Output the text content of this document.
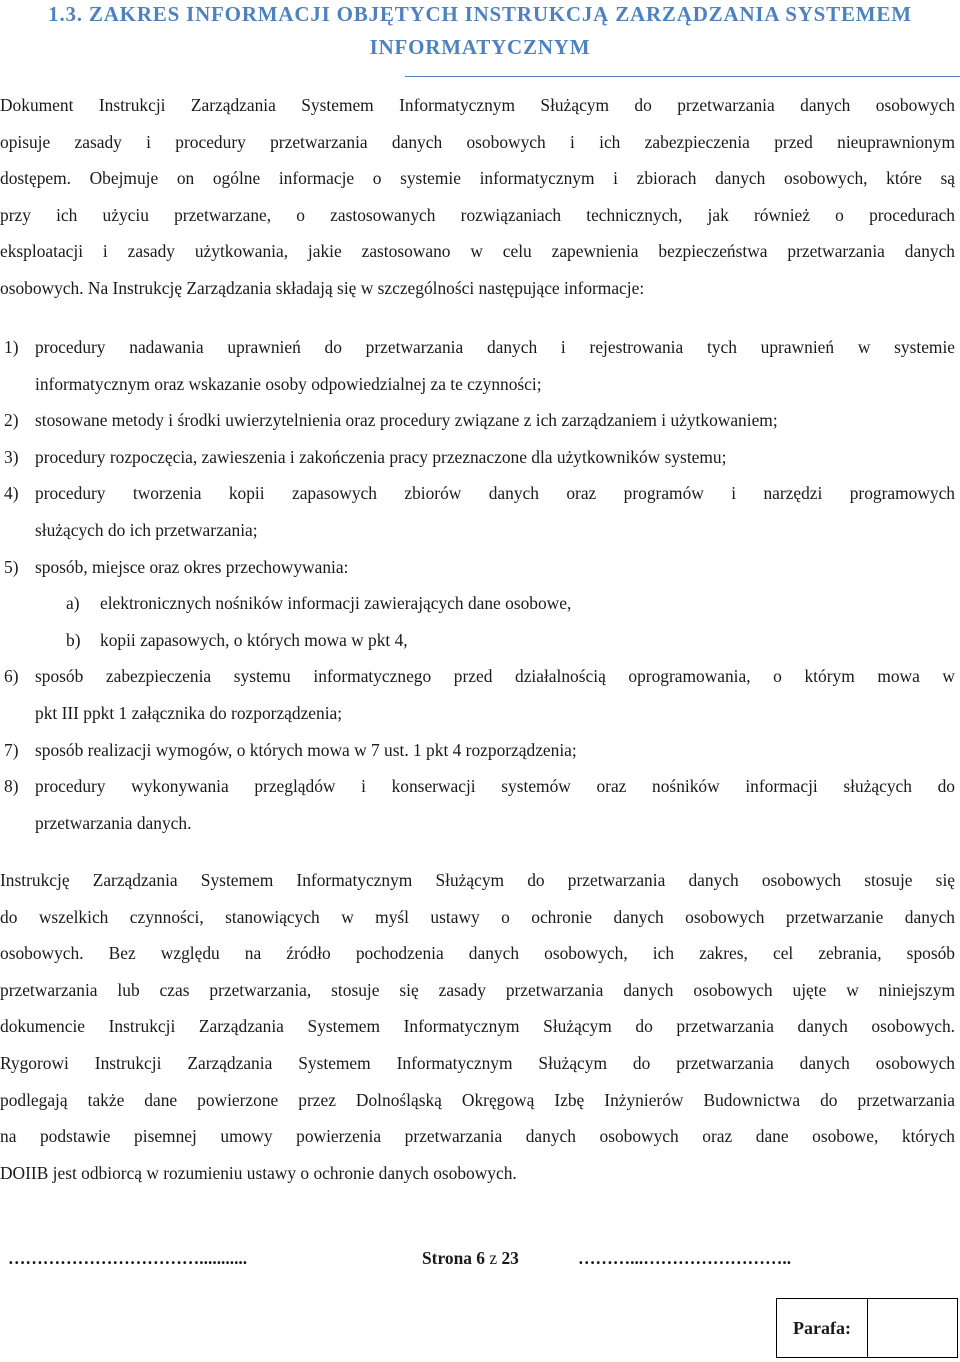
1.3. ZAKRES INFORMACJI OBJĘTYCH INSTRUKCJĄ ZARZĄDZANIA SYSTEMEM
INFORMATYCZNYM
Dokument Instrukcji Zarządzania Systemem Informatycznym Służącym do przetwarzania danych osobowych
opisuje zasady i procedury przetwarzania danych osobowych i ich zabezpieczenia przed nieuprawnionym
dostępem. Obejmuje on ogólne informacje o systemie informatycznym i zbiorach danych osobowych, które są
przy ich użyciu przetwarzane, o zastosowanych rozwiązaniach technicznych, jak również o procedurach
eksploatacji i zasady użytkowania, jakie zastosowano w celu zapewnienia bezpieczeństwa przetwarzania danych
osobowych. Na Instrukcję Zarządzania składają się w szczególności następujące informacje:
1) procedury nadawania uprawnień do przetwarzania danych i rejestrowania tych uprawnień w systemie
informatycznym oraz wskazanie osoby odpowiedzialnej za te czynności;
2) stosowane metody i środki uwierzytelnienia oraz procedury związane z ich zarządzaniem i użytkowaniem;
3) procedury rozpoczęcia, zawieszenia i zakończenia pracy przeznaczone dla użytkowników systemu;
4) procedury tworzenia kopii zapasowych zbiorów danych oraz programów i narzędzi programowych
służących do ich przetwarzania;
5) sposób, miejsce oraz okres przechowywania:
a) elektronicznych nośników informacji zawierających dane osobowe,
b) kopii zapasowych, o których mowa w pkt 4,
6) sposób zabezpieczenia systemu informatycznego przed działalnością oprogramowania, o którym mowa w
pkt III ppkt 1 załącznika do rozporządzenia;
7) sposób realizacji wymogów, o których mowa w 7 ust. 1 pkt 4 rozporządzenia;
8) procedury wykonywania przeglądów i konserwacji systemów oraz nośników informacji służących do
przetwarzania danych.
Instrukcję Zarządzania Systemem Informatycznym Służącym do przetwarzania danych osobowych stosuje się
do wszelkich czynności, stanowiących w myśl ustawy o ochronie danych osobowych przetwarzanie danych
osobowych. Bez względu na źródło pochodzenia danych osobowych, ich zakres, cel zebrania, sposób
przetwarzania lub czas przetwarzania, stosuje się zasady przetwarzania danych osobowych ujęte w niniejszym
dokumencie Instrukcji Zarządzania Systemem Informatycznym Służącym do przetwarzania danych osobowych.
Rygorowi Instrukcji Zarządzania Systemem Informatycznym Służącym do przetwarzania danych osobowych
podlegają także dane powierzone przez Dolnośląską Okręgową Izbę Inżynierów Budownictwa do przetwarzania
na podstawie pisemnej umowy powierzenia przetwarzania danych osobowych oraz dane osobowe, których
DOIIB jest odbiorcą w rozumieniu ustawy o ochronie danych osobowych.
……………………………...........	Strona 6 z 23	………...……………………..
Parafa:
